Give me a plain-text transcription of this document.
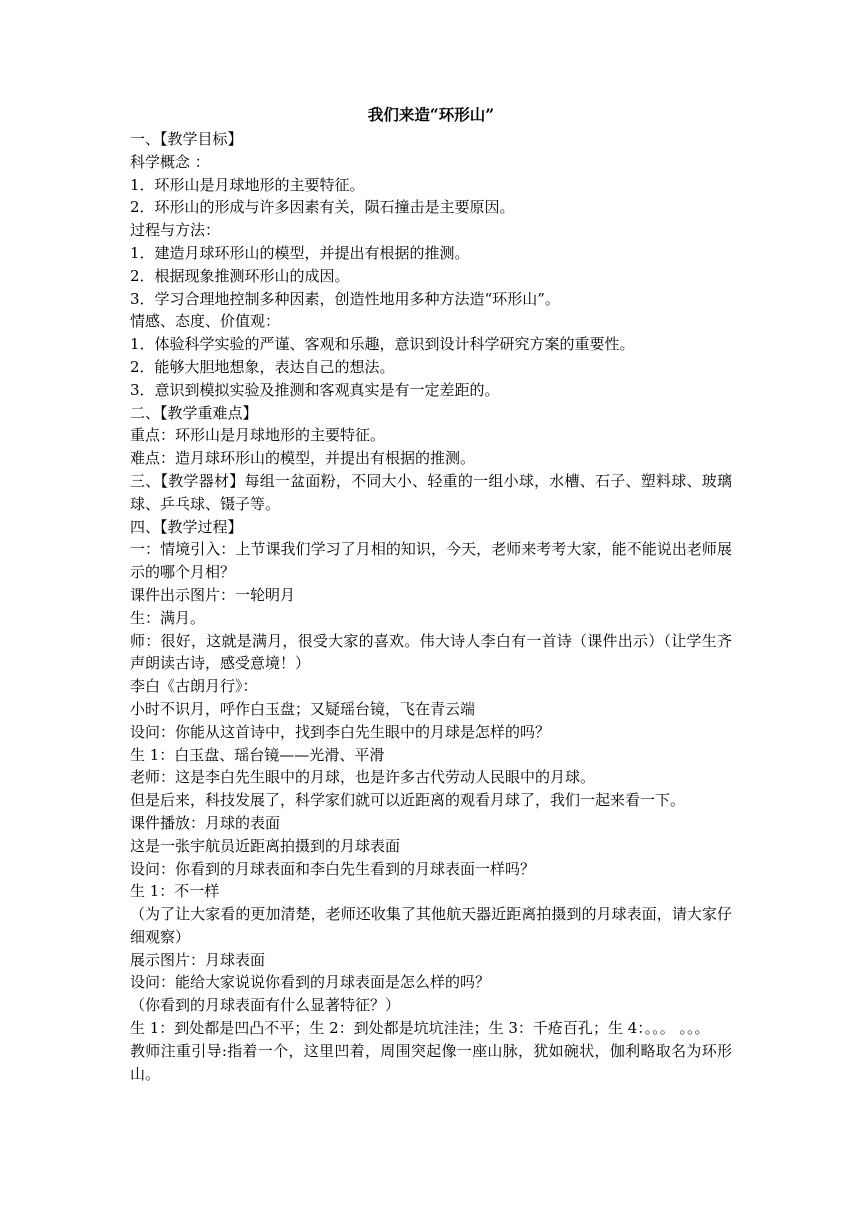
我们来造“环形山”
一、【教学目标】
科学概念 ：
1．环形山是月球地形的主要特征。
2．环形山的形成与许多因素有关，陨石撞击是主要原因。
过程与方法：
1．建造月球环形山的模型，并提出有根据的推测。
2．根据现象推测环形山的成因。
3．学习合理地控制多种因素，创造性地用多种方法造“环形山”。
情感、态度、价值观：
1．体验科学实验的严谨、客观和乐趣，意识到设计科学研究方案的重要性。
2．能够大胆地想象，表达自己的想法。
3．意识到模拟实验及推测和客观真实是有一定差距的。
二、【教学重难点】
重点：环形山是月球地形的主要特征。
难点：造月球环形山的模型，并提出有根据的推测。
三、【教学器材】每组一盆面粉，不同大小、轻重的一组小球，水槽、石子、塑料球、玻璃球、乒乓球、镊子等。
四、【教学过程】
一：情境引入：上节课我们学习了月相的知识，今天，老师来考考大家，能不能说出老师展示的哪个月相？
课件出示图片：一轮明月
生：满月。
师：很好，这就是满月，很受大家的喜欢。伟大诗人李白有一首诗（课件出示）（让学生齐声朗读古诗，感受意境！）
李白《古朗月行》：
小时不识月，呼作白玉盘；又疑瑶台镜，飞在青云端
设问：你能从这首诗中，找到李白先生眼中的月球是怎样的吗？
生 1：白玉盘、瑶台镜——光滑、平滑
老师：这是李白先生眼中的月球，也是许多古代劳动人民眼中的月球。
但是后来，科技发展了，科学家们就可以近距离的观看月球了，我们一起来看一下。
课件播放：月球的表面
这是一张宇航员近距离拍摄到的月球表面
设问：你看到的月球表面和李白先生看到的月球表面一样吗？
生 1：不一样
（为了让大家看的更加清楚，老师还收集了其他航天器近距离拍摄到的月球表面，请大家仔细观察）
展示图片：月球表面
设问：能给大家说说你看到的月球表面是怎么样的吗？
（你看到的月球表面有什么显著特征？）
生 1：到处都是凹凸不平；生 2：到处都是坑坑洼洼；生 3：千疮百孔；生 4：。。。 。。。
教师注重引导:指着一个，这里凹着，周围突起像一座山脉，犹如碗状，伽利略取名为环形山。
